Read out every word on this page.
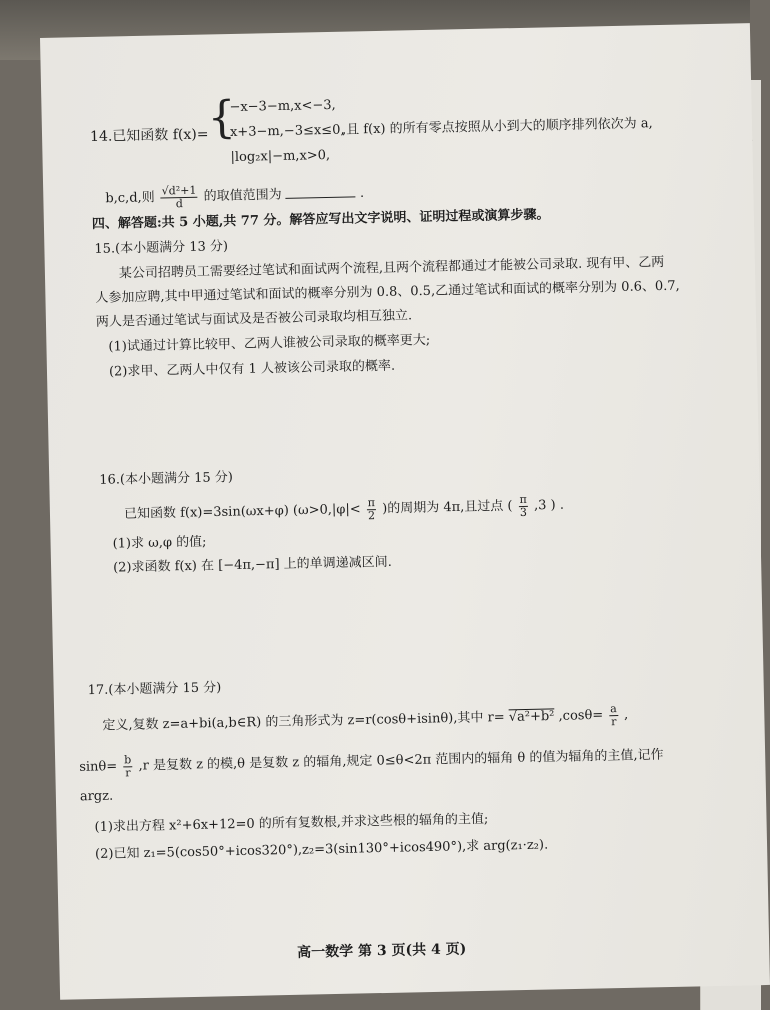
14.已知函数 f(x)=
{
−x−3−m,x<−3,
x+3−m,−3≤x≤0,
|log₂x|−m,x>0,
,且 f(x) 的所有零点按照从小到大的顺序排列依次为 a,
b,c,d,则 $\frac{\text{√d²+1}}{d}$ 的取值范围为	.
四、解答题:共 5 小题,共 77 分。解答应写出文字说明、证明过程或演算步骤。
15.(本小题满分 13 分)
某公司招聘员工需要经过笔试和面试两个流程,且两个流程都通过才能被公司录取. 现有甲、乙两
人参加应聘,其中甲通过笔试和面试的概率分别为 0.8、0.5,乙通过笔试和面试的概率分别为 0.6、0.7,
两人是否通过笔试与面试及是否被公司录取均相互独立.
(1)试通过计算比较甲、乙两人谁被公司录取的概率更大;
(2)求甲、乙两人中仅有 1 人被该公司录取的概率.
16.(本小题满分 15 分)
已知函数 f(x)=3sin(ωx+φ) ($\omega>0,|\varphi|< \frac{\pi}{2}$ )的周期为 4π,且过点 ( $\frac{\pi}{3} ,3$ ) .
(1)求 ω,φ 的值;
(2)求函数 f(x) 在 [−4π,−π] 上的单调递减区间.
17.(本小题满分 15 分)
定义,复数 z=a+bi(a,b∈R) 的三角形式为 z=r(cosθ+isinθ),其中 r= √a²+b² $,\cos\theta= \frac{a}{r}$ ,
$\sin\theta= \frac{b}{r} ,r$ 是复数 z 的模,θ 是复数 z 的辐角,规定 0≤θ<2π 范围内的辐角 θ 的值为辐角的主值,记作
argz.
(1)求出方程 x²+6x+12=0 的所有复数根,并求这些根的辐角的主值;
(2)已知 z₁=5(cos50°+icos320°),z₂=3(sin130°+icos490°),求 arg(z₁·z₂).
高一数学 第 3 页(共 4 页)
